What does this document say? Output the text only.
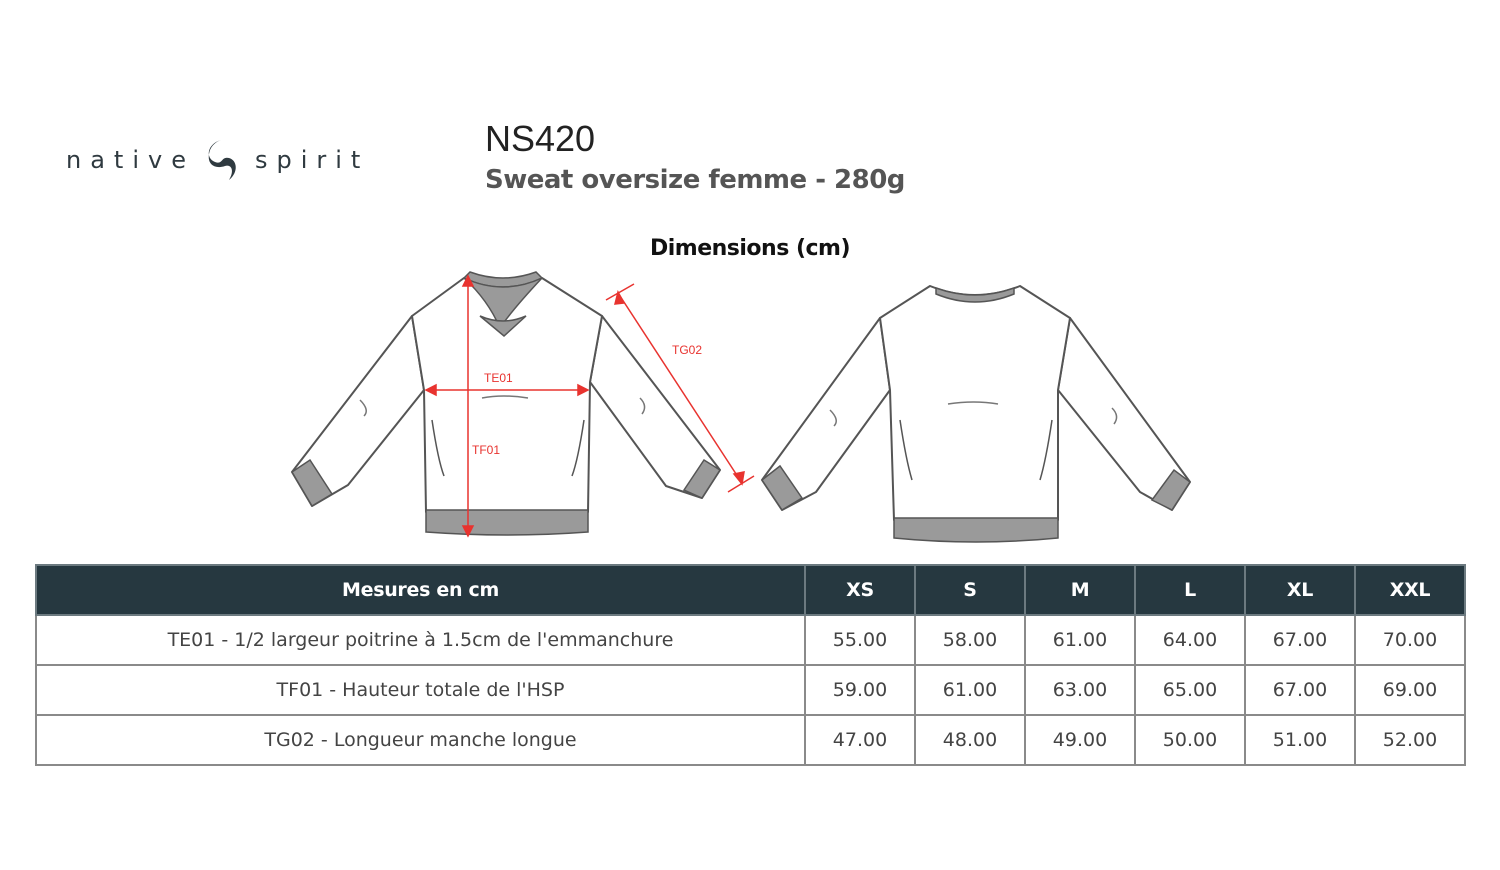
native	spirit
NS420
Sweat oversize femme - 280g
Dimensions (cm)
TE01
TF01
TG02
Mesures en cm	XS	S	M	L	XL	XXL
TE01 - 1/2 largeur poitrine à 1.5cm de l'emmanchure	55.00	58.00	61.00	64.00	67.00	70.00
TF01 - Hauteur totale de l'HSP	59.00	61.00	63.00	65.00	67.00	69.00
TG02 - Longueur manche longue	47.00	48.00	49.00	50.00	51.00	52.00
